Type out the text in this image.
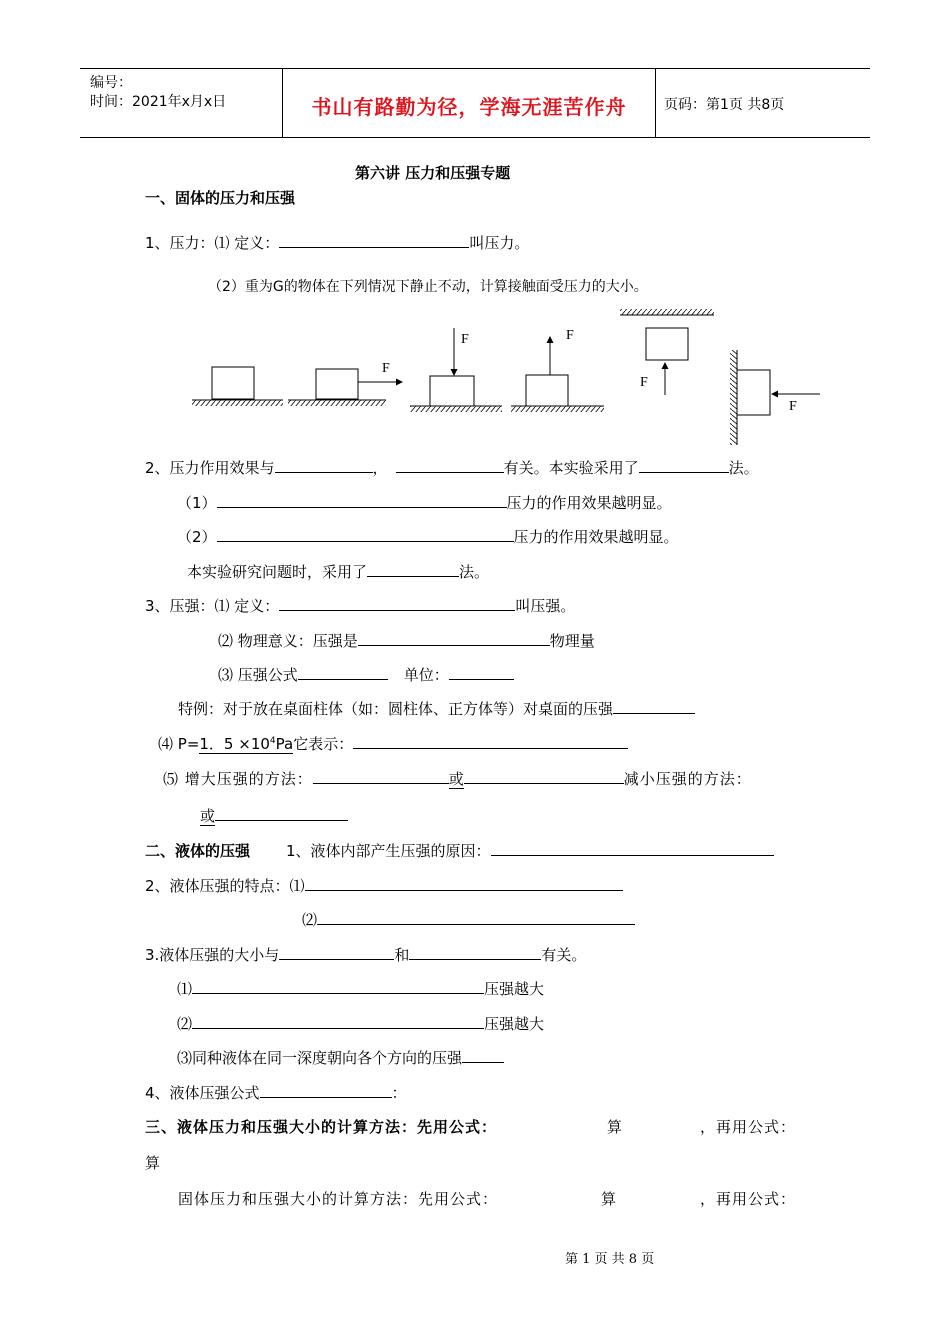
编号：
时间：2021年x月x日	书山有路勤为径，学海无涯苦作舟	页码：第1页 共8页
第六讲 压力和压强专题
一、固体的压力和压强
1、压力：⑴ 定义：	叫压力。
（2）重为G的物体在下列情况下静止不动，计算接触面受压力的大小。
F
F	F
F
F
2、压力作用效果与	，	有关。本实验采用了	法。
（1）	压力的作用效果越明显。
（2）	压力的作用效果越明显。
本实验研究问题时，采用了	法。
3、压强：⑴ 定义：	叫压强。
⑵ 物理意义：压强是	物理量
⑶ 压强公式	单位：
特例：对于放在桌面柱体（如：圆柱体、正方体等）对桌面的压强
⑷ P=1．$5 \times 10^4Pa$它表示：
⑸ 增大压强的方法：	或	减小压强的方法：
或
二、液体的压强 1、液体内部产生压强的原因：
2、液体压强的特点：⑴
⑵
3.液体压强的大小与	和	有关。
⑴	压强越大
⑵	压强越大
⑶同种液体在同一深度朝向各个方向的压强
4、液体压强公式	：
三、液体压力和压强大小的计算方法：先用公式：	算	，再用公式：
算
固体压力和压强大小的计算方法：先用公式：	算	，再用公式：
第 1 页 共 8 页
